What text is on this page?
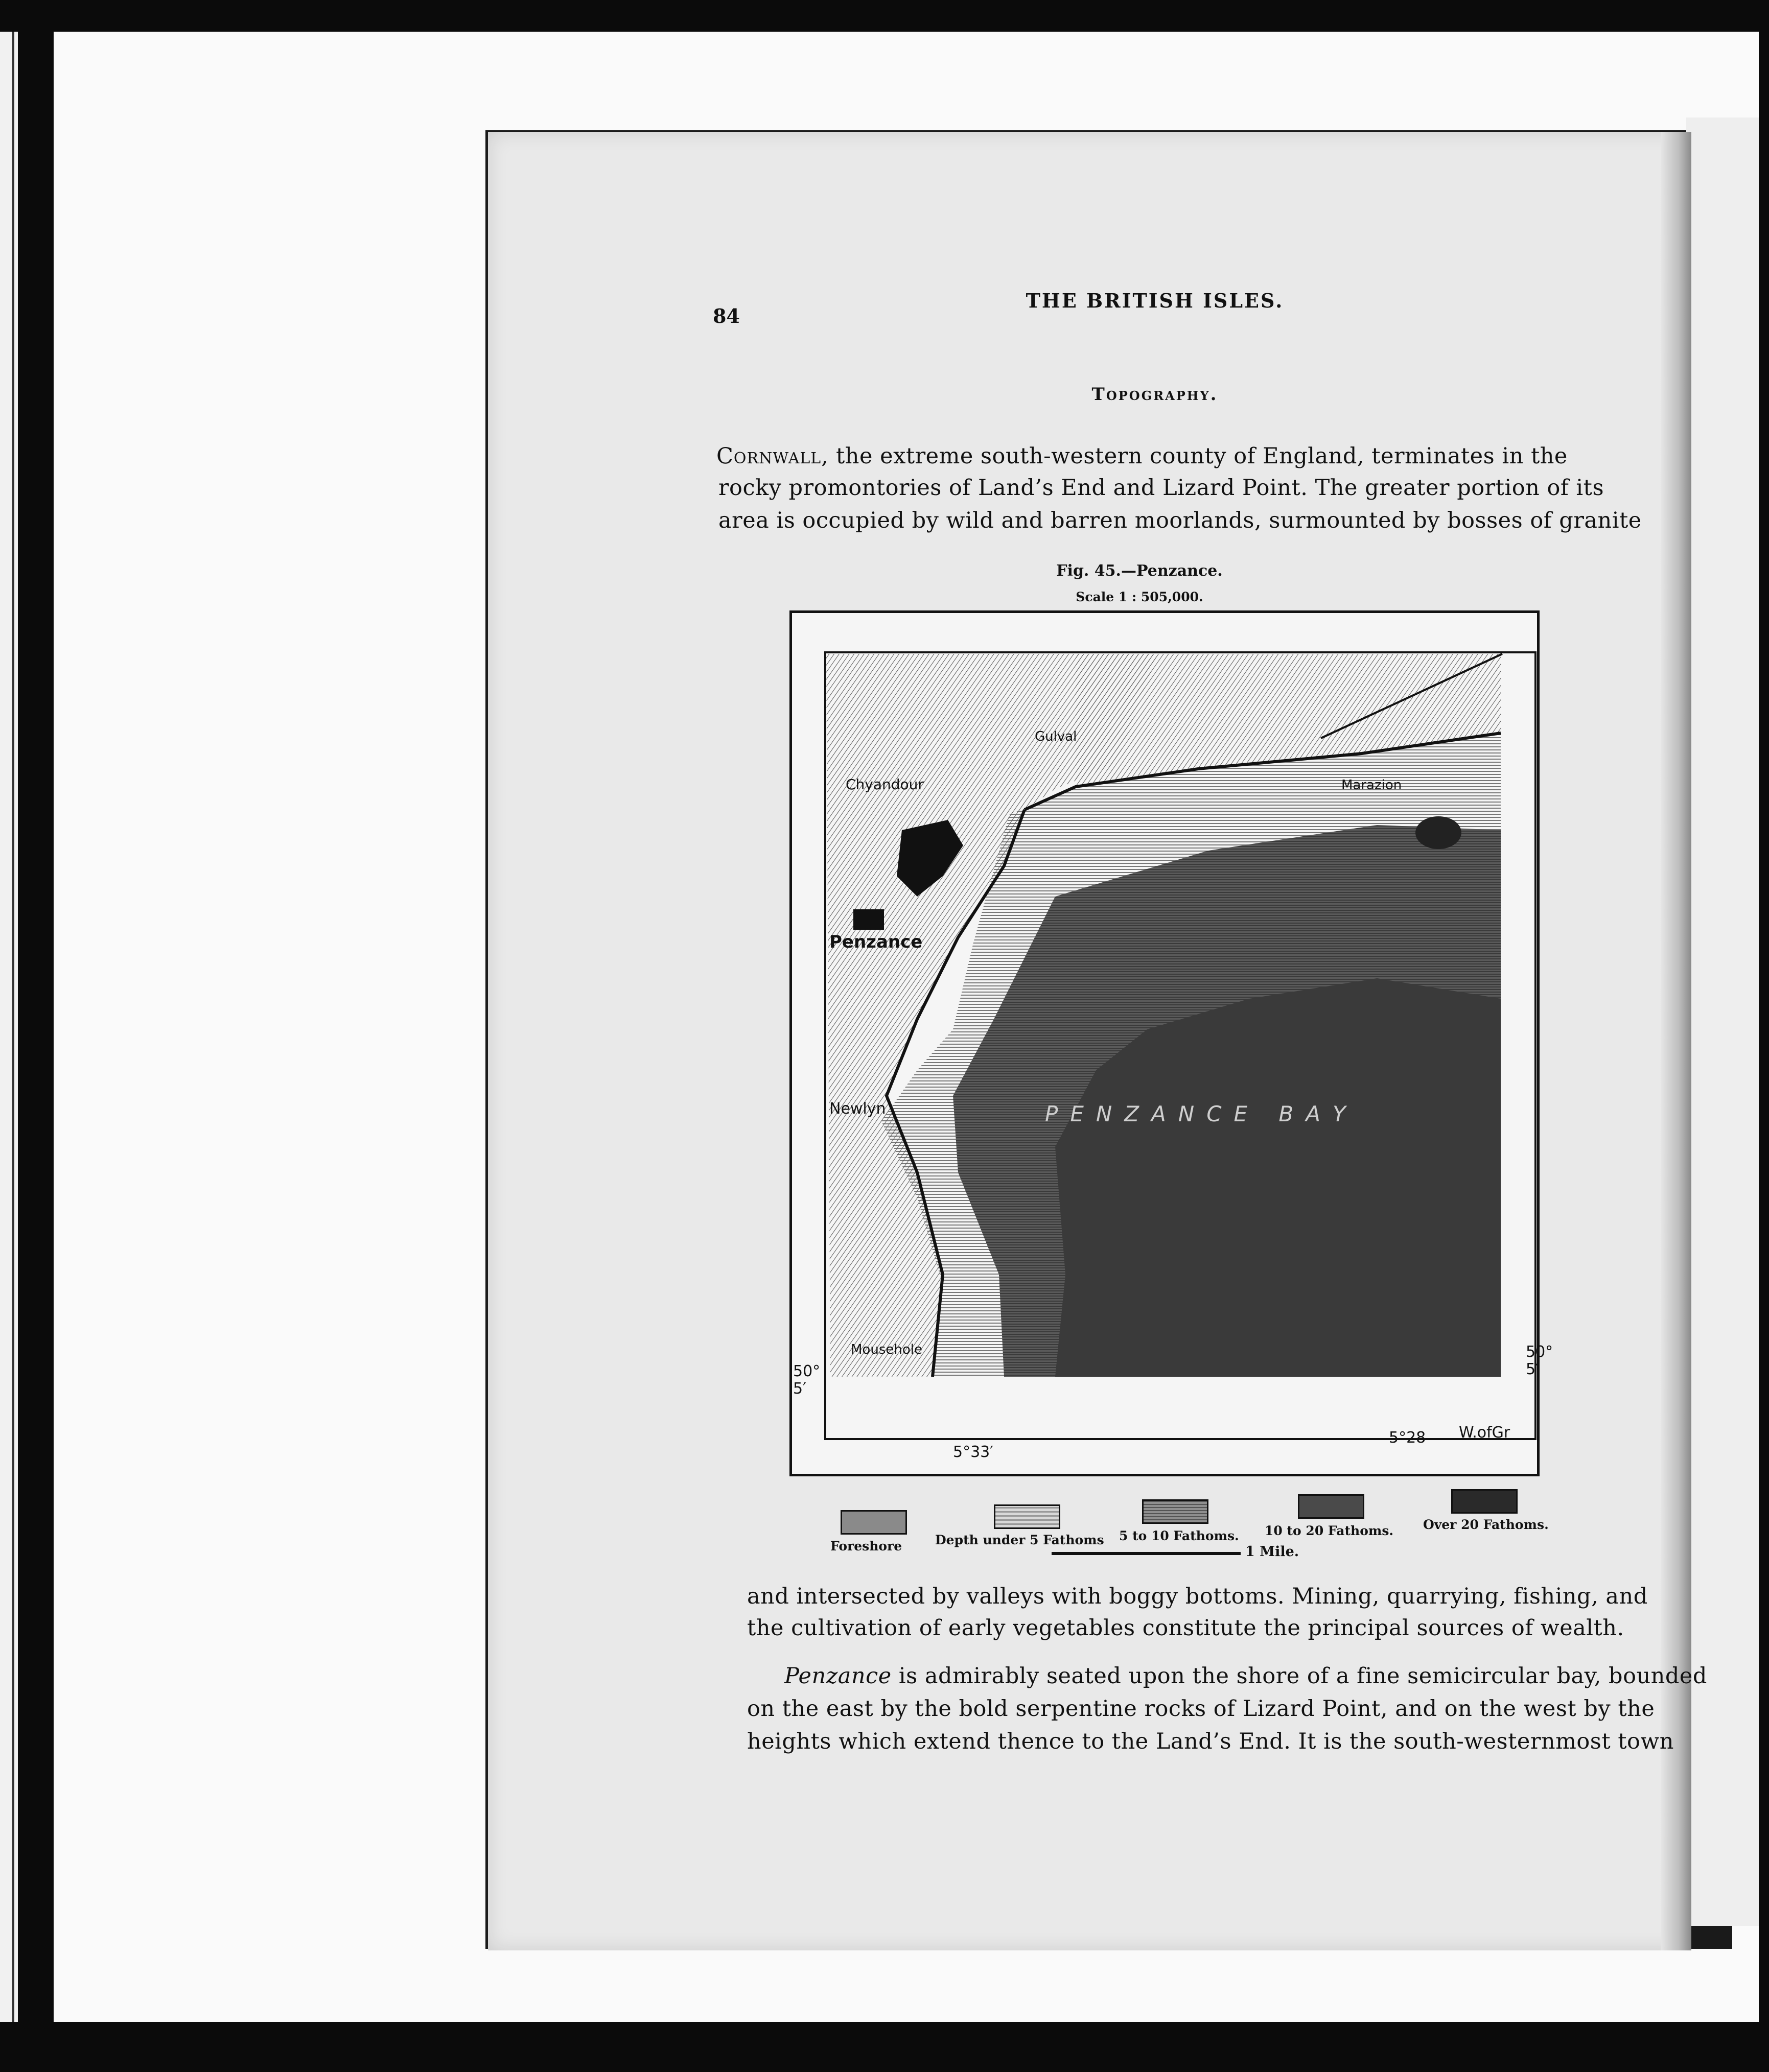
84
THE BRITISH ISLES.
Topography.
Cornwall, the extreme south-western county of England, terminates in the
rocky promontories of Land’s End and Lizard Point. The greater portion of its
area is occupied by wild and barren moorlands, surmounted by bosses of granite
Fig. 45.—Penzance.
Scale 1 : 505,000.
Gulval
Chyandour
Penzance
Newlyn
Mousehole
Marazion
PENZANCE BAY
50°
5′
50°
5′
5°33′
5°28 W.ofGr
Foreshore	Depth under 5 Fathoms 5 to 10 Fathoms. 10 to 20 Fathoms. Over 20 Fathoms.
1 Mile.
and intersected by valleys with boggy bottoms. Mining, quarrying, fishing, and
the cultivation of early vegetables constitute the principal sources of wealth.
Penzance is admirably seated upon the shore of a fine semicircular bay, bounded
on the east by the bold serpentine rocks of Lizard Point, and on the west by the
heights which extend thence to the Land’s End. It is the south-westernmost town
